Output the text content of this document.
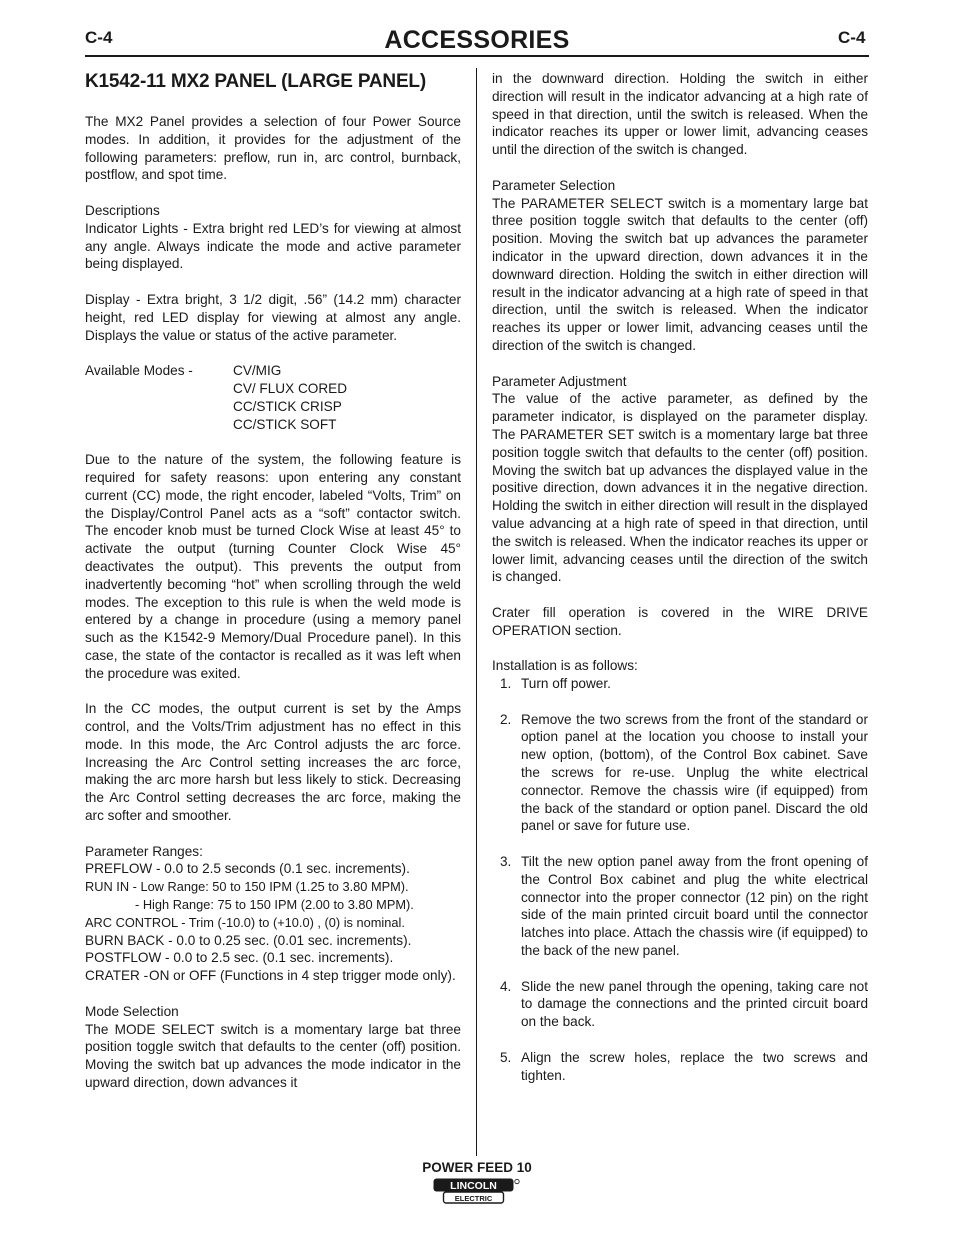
C-4	ACCESSORIES	C-4
K1542-11 MX2 PANEL (LARGE PANEL)

The MX2 Panel provides a selection of four Power Source modes. In addition, it provides for the adjustment of the following parameters: preflow, run in, arc control, burnback, postflow, and spot time.

Descriptions

Indicator Lights - Extra bright red LED’s for viewing at almost any angle. Always indicate the mode and active parameter being displayed.

Display - Extra bright, 3 1/2 digit, .56” (14.2 mm) character height, red LED display for viewing at almost any angle. Displays the value or status of the active parameter.

Available Modes -	CV/MIG
CV/ FLUX CORED
CC/STICK CRISP
CC/STICK SOFT

Due to the nature of the system, the following feature is required for safety reasons: upon entering any constant current (CC) mode, the right encoder, labeled “Volts, Trim” on the Display/Control Panel acts as a “soft” contactor switch. The encoder knob must be turned Clock Wise at least 45° to activate the output (turning Counter Clock Wise 45° deactivates the output). This prevents the output from inadvertently becoming “hot” when scrolling through the weld modes. The exception to this rule is when the weld mode is entered by a change in procedure (using a memory panel such as the K1542-9 Memory/Dual Procedure panel). In this case, the state of the contactor is recalled as it was left when the procedure was exited.

In the CC modes, the output current is set by the Amps control, and the Volts/Trim adjustment has no effect in this mode. In this mode, the Arc Control adjusts the arc force. Increasing the Arc Control setting increases the arc force, making the arc more harsh but less likely to stick. Decreasing the Arc Control setting decreases the arc force, making the arc softer and smoother.

Parameter Ranges:
PREFLOW - 0.0 to 2.5 seconds (0.1 sec. increments).
RUN IN - Low Range: 50 to 150 IPM (1.25 to 3.80 MPM).
- High Range: 75 to 150 IPM (2.00 to 3.80 MPM).
ARC CONTROL - Trim (-10.0) to (+10.0) , (0) is nominal.
BURN BACK - 0.0 to 0.25 sec. (0.01 sec. increments).
POSTFLOW - 0.0 to 2.5 sec. (0.1 sec. increments).
CRATER - ON or OFF (Functions in 4 step trigger mode only).

Mode Selection

The MODE SELECT switch is a momentary large bat three position toggle switch that defaults to the center (off) position. Moving the switch bat up advances the mode indicator in the upward direction, down advances it

in the downward direction. Holding the switch in either direction will result in the indicator advancing at a high rate of speed in that direction, until the switch is released. When the indicator reaches its upper or lower limit, advancing ceases until the direction of the switch is changed.

Parameter Selection

The PARAMETER SELECT switch is a momentary large bat three position toggle switch that defaults to the center (off) position. Moving the switch bat up advances the parameter indicator in the upward direction, down advances it in the downward direction. Holding the switch in either direction will result in the indicator advancing at a high rate of speed in that direction, until the switch is released. When the indicator reaches its upper or lower limit, advancing ceases until the direction of the switch is changed.

Parameter Adjustment

The value of the active parameter, as defined by the parameter indicator, is displayed on the parameter display. The PARAMETER SET switch is a momentary large bat three position toggle switch that defaults to the center (off) position. Moving the switch bat up advances the displayed value in the positive direction, down advances it in the negative direction. Holding the switch in either direction will result in the displayed value advancing at a high rate of speed in that direction, until the switch is released. When the indicator reaches its upper or lower limit, advancing ceases until the direction of the switch is changed.

Crater fill operation is covered in the WIRE DRIVE OPERATION section.

Installation is as follows:

1. Turn off power.
2. Remove the two screws from the front of the standard or option panel at the location you choose to install your new option, (bottom), of the Control Box cabinet. Save the screws for re-use. Unplug the white electrical connector. Remove the chassis wire (if equipped) from the back of the standard or option panel. Discard the old panel or save for future use.
3. Tilt the new option panel away from the front opening of the Control Box cabinet and plug the white electrical connector into the proper connector (12 pin) on the right side of the main printed circuit board until the connector latches into place. Attach the chassis wire (if equipped) to the back of the new panel.
4. Slide the new panel through the opening, taking care not to damage the connections and the printed circuit board on the back.
5. Align the screw holes, replace the two screws and tighten.
POWER FEED 10
LINCOLN
ELECTRIC
